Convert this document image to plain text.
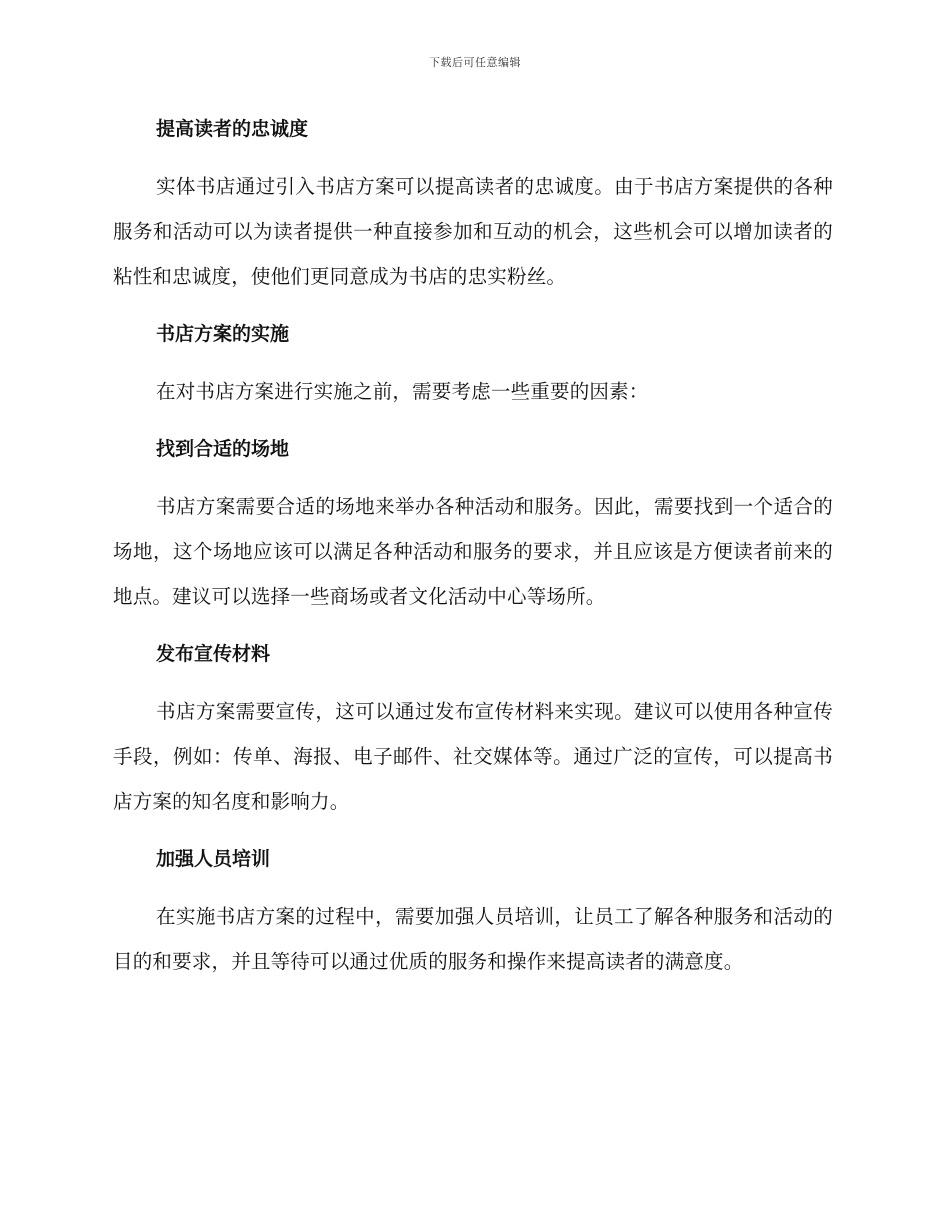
下载后可任意编辑
提高读者的忠诚度
实体书店通过引入书店方案可以提高读者的忠诚度。由于书店方案提供的各种服务和活动可以为读者提供一种直接参加和互动的机会，这些机会可以增加读者的粘性和忠诚度，使他们更同意成为书店的忠实粉丝。
书店方案的实施
在对书店方案进行实施之前，需要考虑一些重要的因素：
找到合适的场地
书店方案需要合适的场地来举办各种活动和服务。因此，需要找到一个适合的场地，这个场地应该可以满足各种活动和服务的要求，并且应该是方便读者前来的地点。建议可以选择一些商场或者文化活动中心等场所。
发布宣传材料
书店方案需要宣传，这可以通过发布宣传材料来实现。建议可以使用各种宣传手段，例如：传单、海报、电子邮件、社交媒体等。通过广泛的宣传，可以提高书店方案的知名度和影响力。
加强人员培训
在实施书店方案的过程中，需要加强人员培训，让员工了解各种服务和活动的目的和要求，并且等待可以通过优质的服务和操作来提高读者的满意度。
